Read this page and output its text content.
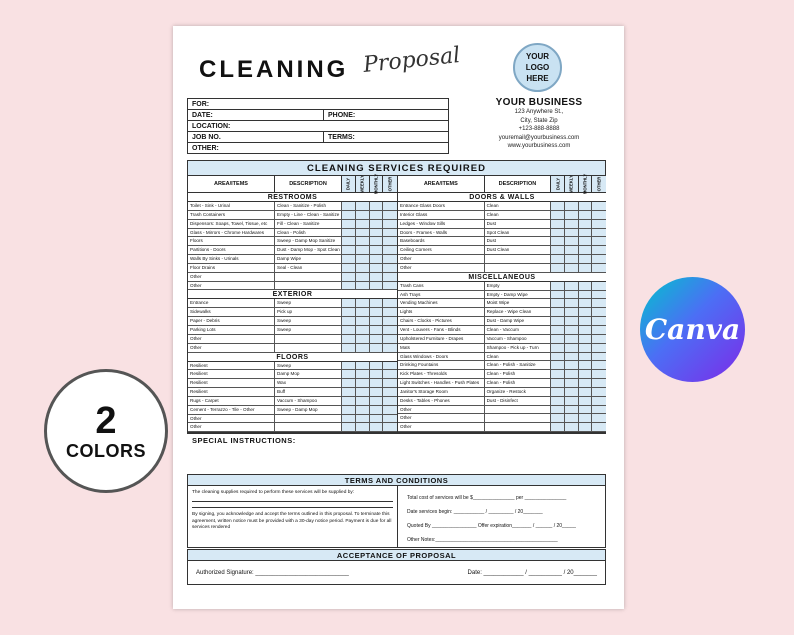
CLEANING Proposal	YOUR LOGO HERE
YOUR BUSINESS
123 Anywhere St.,
City, State Zip
+123-888-8888
youremail@yourbusiness.com
www.yourbusiness.com
FOR:
DATE:	PHONE:
LOCATION:
JOB NO.	TERMS:
OTHER:
CLEANING SERVICES REQUIRED
AREA/ITEMS	DESCRIPTION	DAILY WEEKLY MONTHLY OTHER
RESTROOMS
Toilet - Sink - Urinal	Clean - Sanitize - Polish
Trash Containers	Empty - Line - Clean - Sanitize
Dispensors: Soaps, Towel, Tissue, etc	Fill - Clean - Sanitize
Glass - Mirrors - Chrome Hardwares	Clean - Polish
Floors	Sweep - Damp Mop Sanitize
Partitions - Doors	Dust - Damp Mop - Spot Clean
Walls By Sinks - Urinals	Damp Wipe
Floor Drains	Seal - Clean
Other
Other
EXTERIOR
Entrance	Sweep
Sidewalks	Pick up
Paper - Debris	Sweep
Parking Lots	Sweep
Other
Other
FLOORS
Resilient	Sweep
Resilient	Damp Mop
Resilient	Wax
Resilient	Buff
Rugs - Carpet	Vaccum - Shampoo
Cement - Terrazzo - Tile - Other	Sweep - Damp Mop
Other
Other
AREA/ITEMS	DESCRIPTION	DAILY WEEKLY MONTHLY OTHER
DOORS & WALLS
Entrance Glass Doors	Clean
Interior Glass	Clean
Ledges - Window Sills	Dust
Doors - Frames - Walls	Spot Clean
Baseboards	Dust
Ceiling Corners	Dust Clean
Other
Other
MISCELLANEOUS
Trash Cans	Empty
Ash Trays	Empty - Damp Wipe
Vending Machines	Moist Wipe
Lights	Replace - Wipe Clean
Chairs - Clocks - Pictures	Dust - Damp Wipe
Vent - Louvers - Fans - Blinds	Clean - Vaccum
Upholstered Furniture - Drapes	Vaccum - Shampoo
Mats	Shampoo - Pick up - Turn
Glass Windows - Doors	Clean
Drinking Fountains	Clean - Polish - Sanitize
Kick Plates - Thresolds	Clean - Polish
Light Switches - Handles - Push Plates	Clean - Polish
Janitor's Storage Room	Organize - Restock
Desks - Tables - Phones	Dust - Disinfect
Other
Other
Other
SPECIAL INSTRUCTIONS:
TERMS AND CONDITIONS
The cleaning supplies required to perform these services will be supplied by:
By signing, you acknowledge and accept the terms outlined in this proposal. To terminate this agreement, written notice must be provided with a 30-day notice period. Payment is due for all services rendered
Total cost of services will be $_______________ per _______________
Date services begin: ___________ / _________ / 20_______
Quoted By ________________ Offer expiration_______ / ______ / 20_____
Other Notes:____________________________________________
ACCEPTANCE OF PROPOSAL
Authorized Signature: ____________________________	Date: ____________ / __________ / 20_______
Canva
2
COLORS
